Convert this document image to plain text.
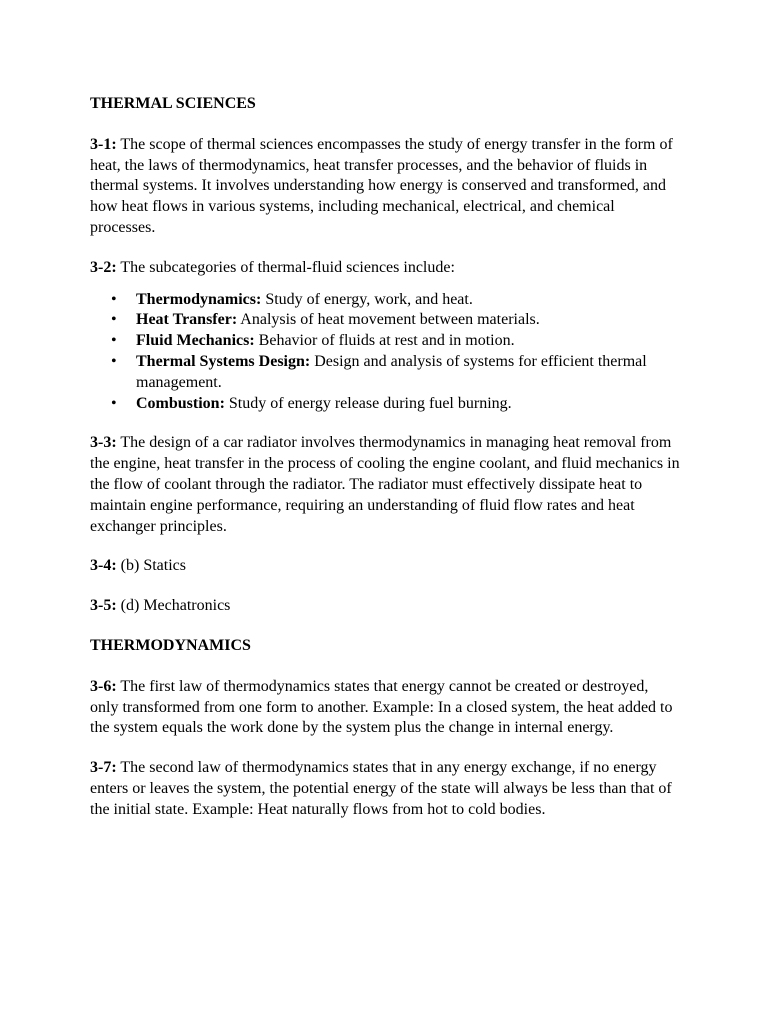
THERMAL SCIENCES

3-1: The scope of thermal sciences encompasses the study of energy transfer in the form of heat, the laws of thermodynamics, heat transfer processes, and the behavior of fluids in thermal systems. It involves understanding how energy is conserved and transformed, and how heat flows in various systems, including mechanical, electrical, and chemical processes.

3-2: The subcategories of thermal-fluid sciences include:

• Thermodynamics: Study of energy, work, and heat.
• Heat Transfer: Analysis of heat movement between materials.
• Fluid Mechanics: Behavior of fluids at rest and in motion.
• Thermal Systems Design: Design and analysis of systems for efficient thermal management.
• Combustion: Study of energy release during fuel burning.

3-3: The design of a car radiator involves thermodynamics in managing heat removal from the engine, heat transfer in the process of cooling the engine coolant, and fluid mechanics in the flow of coolant through the radiator. The radiator must effectively dissipate heat to maintain engine performance, requiring an understanding of fluid flow rates and heat exchanger principles.

3-4: (b) Statics

3-5: (d) Mechatronics

THERMODYNAMICS

3-6: The first law of thermodynamics states that energy cannot be created or destroyed, only transformed from one form to another. Example: In a closed system, the heat added to the system equals the work done by the system plus the change in internal energy.

3-7: The second law of thermodynamics states that in any energy exchange, if no energy enters or leaves the system, the potential energy of the state will always be less than that of the initial state. Example: Heat naturally flows from hot to cold bodies.
